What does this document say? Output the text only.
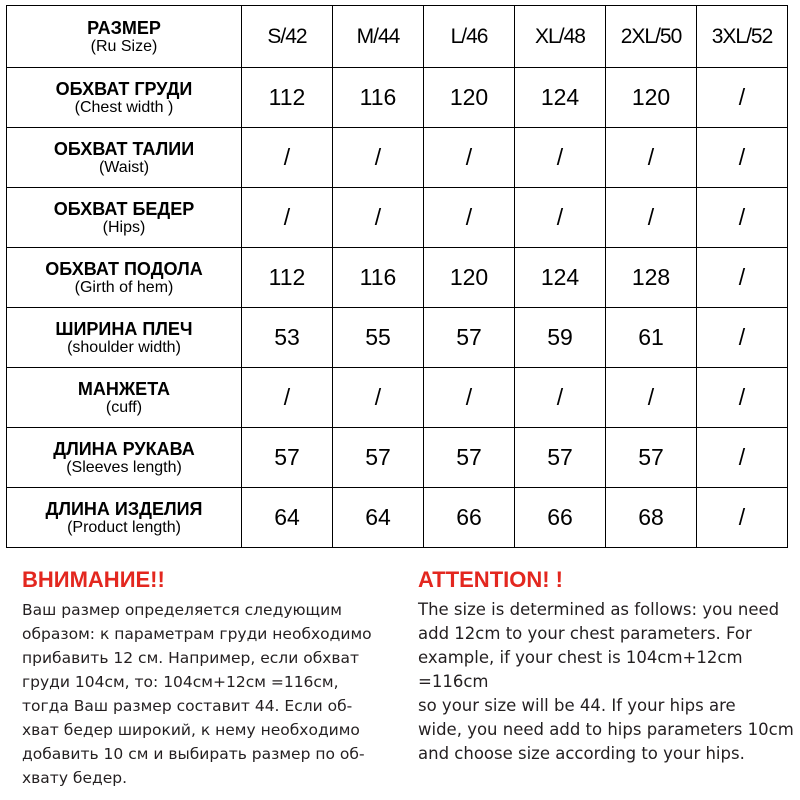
РАЗМЕР
(Ru Size)	S/42	M/44	L/46	XL/48	2XL/50	3XL/52

ОБХВАТ ГРУДИ
(Chest width )	112	116	120	124	120	/

ОБХВАТ ТАЛИИ
(Waist)	/	/	/	/	/	/

ОБХВАТ БЕДЕР
(Hips)	/	/	/	/	/	/

ОБХВАТ ПОДОЛА
(Girth of hem)	112	116	120	124	128	/

ШИРИНА ПЛЕЧ
(shoulder width)	53	55	57	59	61	/

МАНЖЕТА
(cuff)	/	/	/	/	/	/

ДЛИНА РУКАВА
(Sleeves length)	57	57	57	57	57	/

ДЛИНА ИЗДЕЛИЯ
(Product length)	64	64	66	66	68	/
ВНИМАНИЕ!!
Ваш размер определяется следующим
образом: к параметрам груди необходимо
прибавить 12 см. Например, если обхват
груди 104см, то: 104см+12см =116см,
тогда Ваш размер составит 44. Если об-
хват бедер широкий, к нему необходимо
добавить 10 см и выбирать размер по об-
хвату бедер.
ATTENTION! !
The size is determined as follows: you need
add 12cm to your chest parameters. For
example, if your chest is 104cm+12cm =116cm
so your size will be 44. If your hips are
wide, you need add to hips parameters 10cm
and choose size according to your hips.
